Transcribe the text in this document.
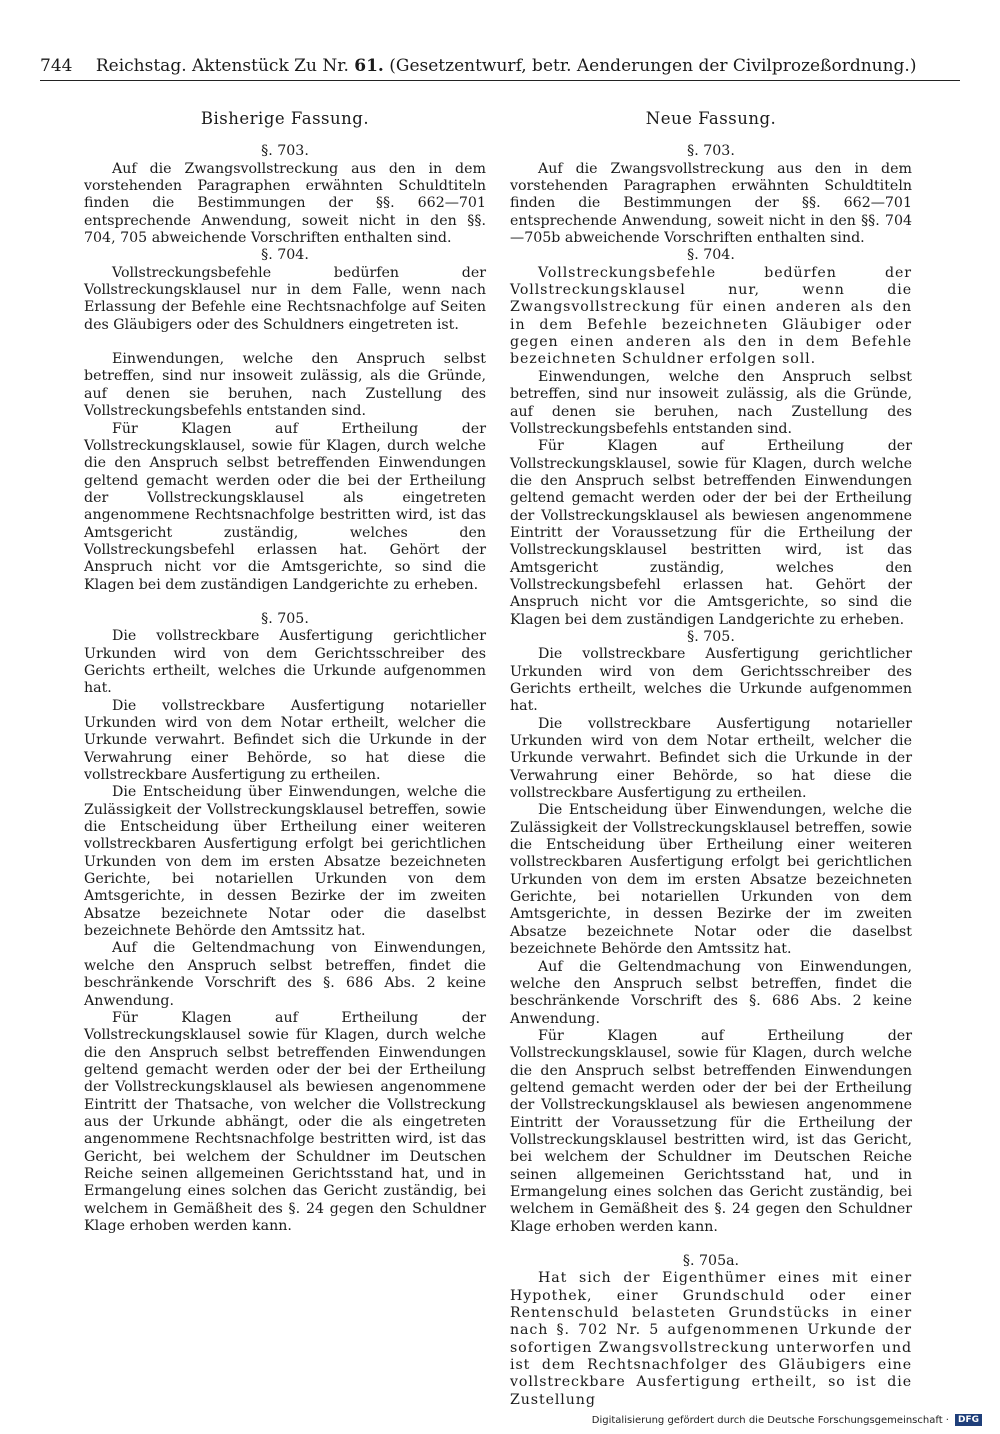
744 Reichstag. Aktenstück Zu Nr. 61. (Gesetzentwurf, betr. Aenderungen der Civilprozeßordnung.)
Bisherige Fassung.

§. 703.

Auf die Zwangsvollstreckung aus den in dem vorstehenden Paragraphen erwähnten Schuldtiteln finden die Bestimmungen der §§. 662—701 entsprechende Anwendung, soweit nicht in den §§. 704, 705 abweichende Vorschriften enthalten sind.

§. 704.

Vollstreckungsbefehle bedürfen der Vollstreckungsklausel nur in dem Falle, wenn nach Erlassung der Befehle eine Rechtsnachfolge auf Seiten des Gläubigers oder des Schuldners eingetreten ist.

Einwendungen, welche den Anspruch selbst betreffen, sind nur insoweit zulässig, als die Gründe, auf denen sie beruhen, nach Zustellung des Vollstreckungsbefehls entstanden sind.

Für Klagen auf Ertheilung der Vollstreckungsklausel, sowie für Klagen, durch welche die den Anspruch selbst betreffenden Einwendungen geltend gemacht werden oder die bei der Ertheilung der Vollstreckungsklausel als eingetreten angenommene Rechtsnachfolge bestritten wird, ist das Amtsgericht zuständig, welches den Vollstreckungsbefehl erlassen hat. Gehört der Anspruch nicht vor die Amtsgerichte, so sind die Klagen bei dem zuständigen Landgerichte zu erheben.

§. 705.

Die vollstreckbare Ausfertigung gerichtlicher Urkunden wird von dem Gerichtsschreiber des Gerichts ertheilt, welches die Urkunde aufgenommen hat.

Die vollstreckbare Ausfertigung notarieller Urkunden wird von dem Notar ertheilt, welcher die Urkunde verwahrt. Befindet sich die Urkunde in der Verwahrung einer Behörde, so hat diese die vollstreckbare Ausfertigung zu ertheilen.

Die Entscheidung über Einwendungen, welche die Zulässigkeit der Vollstreckungsklausel betreffen, sowie die Entscheidung über Ertheilung einer weiteren vollstreckbaren Ausfertigung erfolgt bei gerichtlichen Urkunden von dem im ersten Absatze bezeichneten Gerichte, bei notariellen Urkunden von dem Amtsgerichte, in dessen Bezirke der im zweiten Absatze bezeichnete Notar oder die daselbst bezeichnete Behörde den Amtssitz hat.

Auf die Geltendmachung von Einwendungen, welche den Anspruch selbst betreffen, findet die beschränkende Vorschrift des §. 686 Abs. 2 keine Anwendung.

Für Klagen auf Ertheilung der Vollstreckungsklausel sowie für Klagen, durch welche die den Anspruch selbst betreffenden Einwendungen geltend gemacht werden oder der bei der Ertheilung der Vollstreckungsklausel als bewiesen angenommene Eintritt der Thatsache, von welcher die Vollstreckung aus der Urkunde abhängt, oder die als eingetreten angenommene Rechtsnachfolge bestritten wird, ist das Gericht, bei welchem der Schuldner im Deutschen Reiche seinen allgemeinen Gerichtsstand hat, und in Ermangelung eines solchen das Gericht zuständig, bei welchem in Gemäßheit des §. 24 gegen den Schuldner Klage erhoben werden kann.

Neue Fassung.

§. 703.

Auf die Zwangsvollstreckung aus den in dem vorstehenden Paragraphen erwähnten Schuldtiteln finden die Bestimmungen der §§. 662—701 entsprechende Anwendung, soweit nicht in den §§. 704—705b abweichende Vorschriften enthalten sind.

§. 704.

Vollstreckungsbefehle bedürfen der Vollstreckungsklausel nur, wenn die Zwangsvollstreckung für einen anderen als den in dem Befehle bezeichneten Gläubiger oder gegen einen anderen als den in dem Befehle bezeichneten Schuldner erfolgen soll.

Einwendungen, welche den Anspruch selbst betreffen, sind nur insoweit zulässig, als die Gründe, auf denen sie beruhen, nach Zustellung des Vollstreckungsbefehls entstanden sind.

Für Klagen auf Ertheilung der Vollstreckungsklausel, sowie für Klagen, durch welche die den Anspruch selbst betreffenden Einwendungen geltend gemacht werden oder der bei der Ertheilung der Vollstreckungsklausel als bewiesen angenommene Eintritt der Voraussetzung für die Ertheilung der Vollstreckungsklausel bestritten wird, ist das Amtsgericht zuständig, welches den Vollstreckungsbefehl erlassen hat. Gehört der Anspruch nicht vor die Amtsgerichte, so sind die Klagen bei dem zuständigen Landgerichte zu erheben.

§. 705.

Die vollstreckbare Ausfertigung gerichtlicher Urkunden wird von dem Gerichtsschreiber des Gerichts ertheilt, welches die Urkunde aufgenommen hat.

Die vollstreckbare Ausfertigung notarieller Urkunden wird von dem Notar ertheilt, welcher die Urkunde verwahrt. Befindet sich die Urkunde in der Verwahrung einer Behörde, so hat diese die vollstreckbare Ausfertigung zu ertheilen.

Die Entscheidung über Einwendungen, welche die Zulässigkeit der Vollstreckungsklausel betreffen, sowie die Entscheidung über Ertheilung einer weiteren vollstreckbaren Ausfertigung erfolgt bei gerichtlichen Urkunden von dem im ersten Absatze bezeichneten Gerichte, bei notariellen Urkunden von dem Amtsgerichte, in dessen Bezirke der im zweiten Absatze bezeichnete Notar oder die daselbst bezeichnete Behörde den Amtssitz hat.

Auf die Geltendmachung von Einwendungen, welche den Anspruch selbst betreffen, findet die beschränkende Vorschrift des §. 686 Abs. 2 keine Anwendung.

Für Klagen auf Ertheilung der Vollstreckungsklausel, sowie für Klagen, durch welche die den Anspruch selbst betreffenden Einwendungen geltend gemacht werden oder der bei der Ertheilung der Vollstreckungsklausel als bewiesen angenommene Eintritt der Voraussetzung für die Ertheilung der Vollstreckungsklausel bestritten wird, ist das Gericht, bei welchem der Schuldner im Deutschen Reiche seinen allgemeinen Gerichtsstand hat, und in Ermangelung eines solchen das Gericht zuständig, bei welchem in Gemäßheit des §. 24 gegen den Schuldner Klage erhoben werden kann.

§. 705a.

Hat sich der Eigenthümer eines mit einer Hypothek, einer Grundschuld oder einer Rentenschuld belasteten Grundstücks in einer nach §. 702 Nr. 5 aufgenommenen Urkunde der sofortigen Zwangsvollstreckung unterworfen und ist dem Rechtsnachfolger des Gläubigers eine vollstreckbare Ausfertigung ertheilt, so ist die Zustellung

Digitalisierung gefördert durch die Deutsche Forschungsgemeinschaft ·	DFG
